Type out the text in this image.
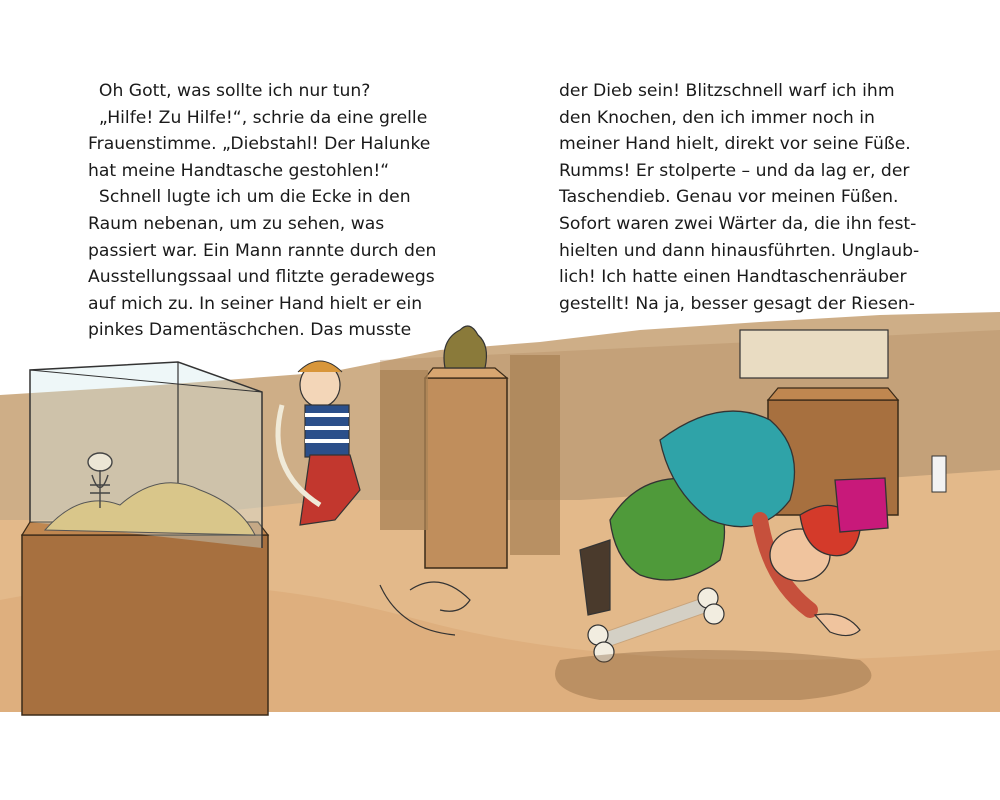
Oh Gott, was sollte ich nur tun?
„Hilfe! Zu Hilfe!“, schrie da eine grelle
Frauenstimme. „Diebstahl! Der Halunke
hat meine Handtasche gestohlen!“
Schnell lugte ich um die Ecke in den
Raum nebenan, um zu sehen, was
passiert war. Ein Mann rannte durch den
Ausstellungssaal und flitzte geradewegs
auf mich zu. In seiner Hand hielt er ein
pinkes Damentäschchen. Das musste
der Dieb sein! Blitzschnell warf ich ihm
den Knochen, den ich immer noch in
meiner Hand hielt, direkt vor seine Füße.
Rumms! Er stolperte – und da lag er, der
Taschendieb. Genau vor meinen Füßen.
Sofort waren zwei Wärter da, die ihn fest-
hielten und dann hinausführten. Unglaub-
lich! Ich hatte einen Handtaschenräuber
gestellt! Na ja, besser gesagt der Riesen-
